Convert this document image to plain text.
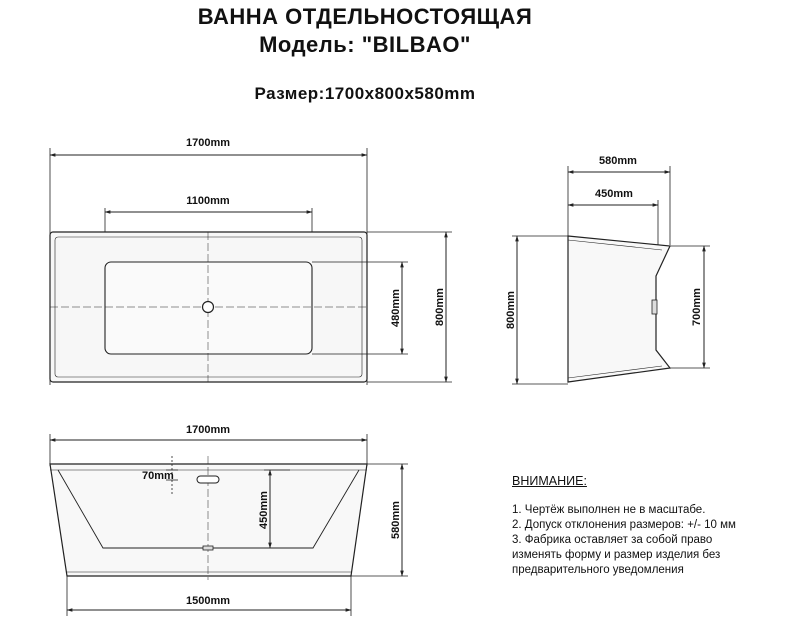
ВАННА ОТДЕЛЬНОСТОЯЩАЯ
Модель: "BILBAO"
Размер:1700х800х580mm
1700mm
1100mm
480mm	800mm
580mm
450mm
800mm	700mm
1700mm
70mm
450mm	580mm
1500mm
ВНИМАНИЕ:
1. Чертёж выполнен не в масштабе.
2. Допуск отклонения размеров: +/- 10 мм
3. Фабрика оставляет за собой право
изменять форму и размер изделия без
предварительного уведомления
